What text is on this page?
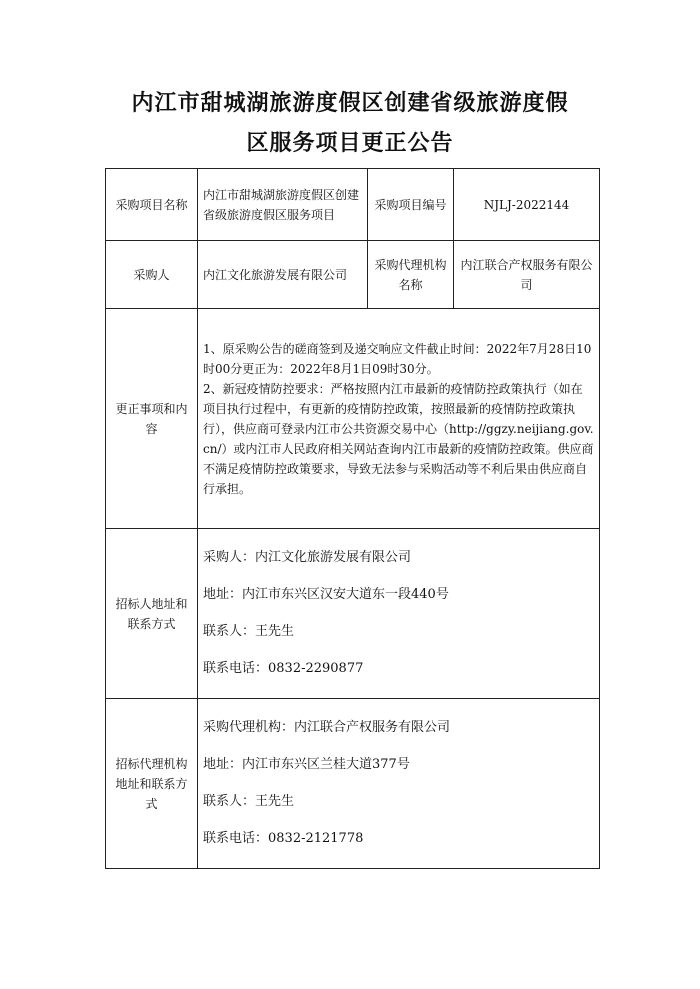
内江市甜城湖旅游度假区创建省级旅游度假
区服务项目更正公告
采购项目名称	内江市甜城湖旅游度假区创建省级旅游度假区服务项目	采购项目编号	NJLJ-2022144
采购人	内江文化旅游发展有限公司	采购代理机构名称	内江联合产权服务有限公司
更正事项和内容	1、原采购公告的磋商签到及递交响应文件截止时间：2022年7月28日10时00分更正为：2022年8月1日09时30分。
2、新冠疫情防控要求：严格按照内江市最新的疫情防控政策执行（如在项目执行过程中，有更新的疫情防控政策，按照最新的疫情防控政策执行），供应商可登录内江市公共资源交易中心（http://ggzy.neijiang.gov.cn/）或内江市人民政府相关网站查询内江市最新的疫情防控政策。供应商不满足疫情防控政策要求，导致无法参与采购活动等不利后果由供应商自行承担。		

招标人地址和联系方式	采购人：内江文化旅游发展有限公司
地址：内江市东兴区汉安大道东一段440号
联系人：王先生
联系电话：0832-2290877		

招标代理机构地址和联系方式	采购代理机构：内江联合产权服务有限公司
地址：内江市东兴区兰桂大道377号
联系人：王先生
联系电话：0832-2121778		
